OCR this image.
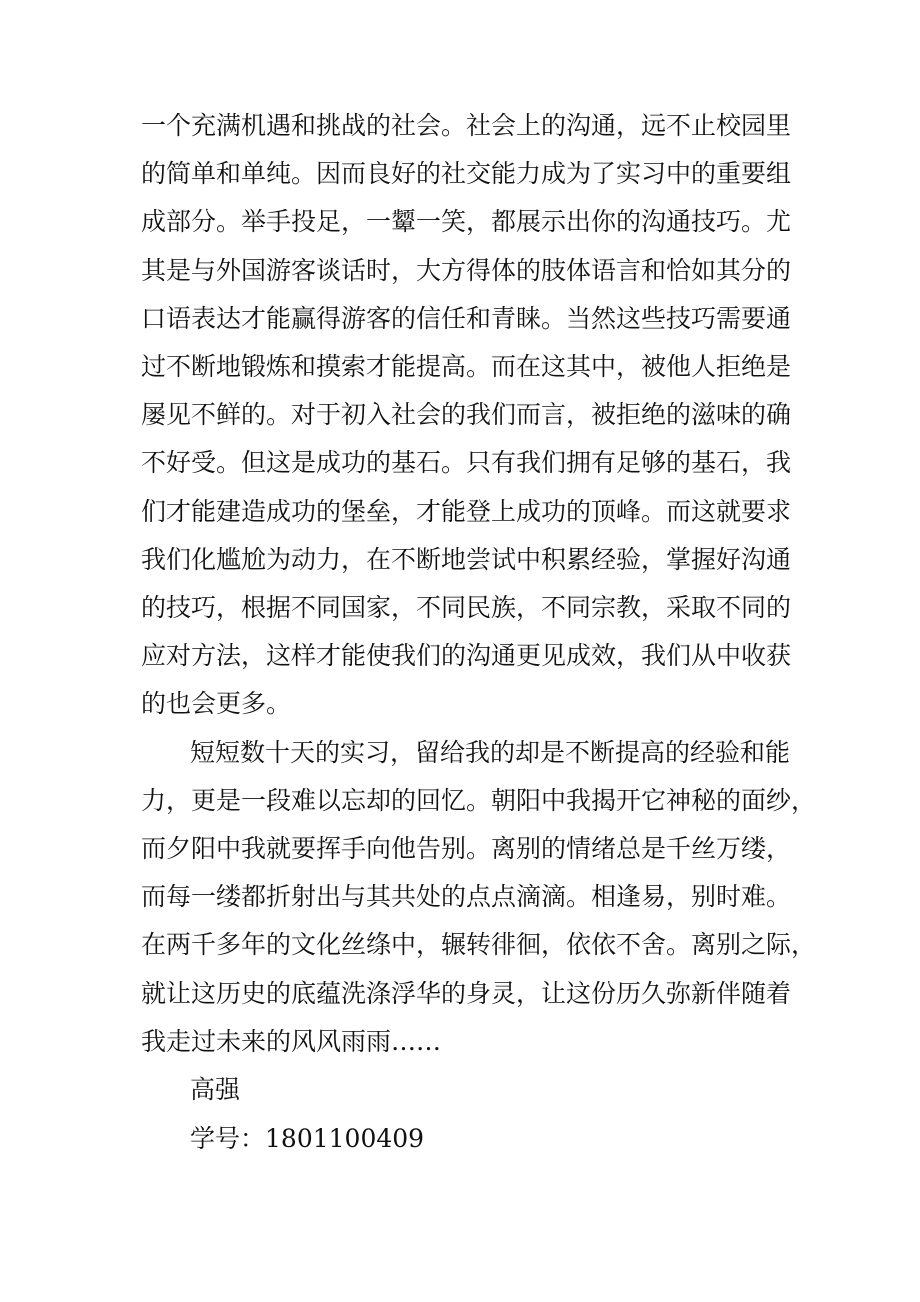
一个充满机遇和挑战的社会。社会上的沟通，远不止校园里
的简单和单纯。因而良好的社交能力成为了实习中的重要组
成部分。举手投足，一颦一笑，都展示出你的沟通技巧。尤
其是与外国游客谈话时，大方得体的肢体语言和恰如其分的
口语表达才能赢得游客的信任和青睐。当然这些技巧需要通
过不断地锻炼和摸索才能提高。而在这其中，被他人拒绝是
屡见不鲜的。对于初入社会的我们而言，被拒绝的滋味的确
不好受。但这是成功的基石。只有我们拥有足够的基石，我
们才能建造成功的堡垒，才能登上成功的顶峰。而这就要求
我们化尴尬为动力，在不断地尝试中积累经验，掌握好沟通
的技巧，根据不同国家，不同民族，不同宗教，采取不同的
应对方法，这样才能使我们的沟通更见成效，我们从中收获
的也会更多。
短短数十天的实习，留给我的却是不断提高的经验和能
力，更是一段难以忘却的回忆。朝阳中我揭开它神秘的面纱，
而夕阳中我就要挥手向他告别。离别的情绪总是千丝万缕，
而每一缕都折射出与其共处的点点滴滴。相逢易，别时难。
在两千多年的文化丝绦中，辗转徘徊，依依不舍。离别之际，
就让这历史的底蕴洗涤浮华的身灵，让这份历久弥新伴随着
我走过未来的风风雨雨……
高强
学号：1801100409
